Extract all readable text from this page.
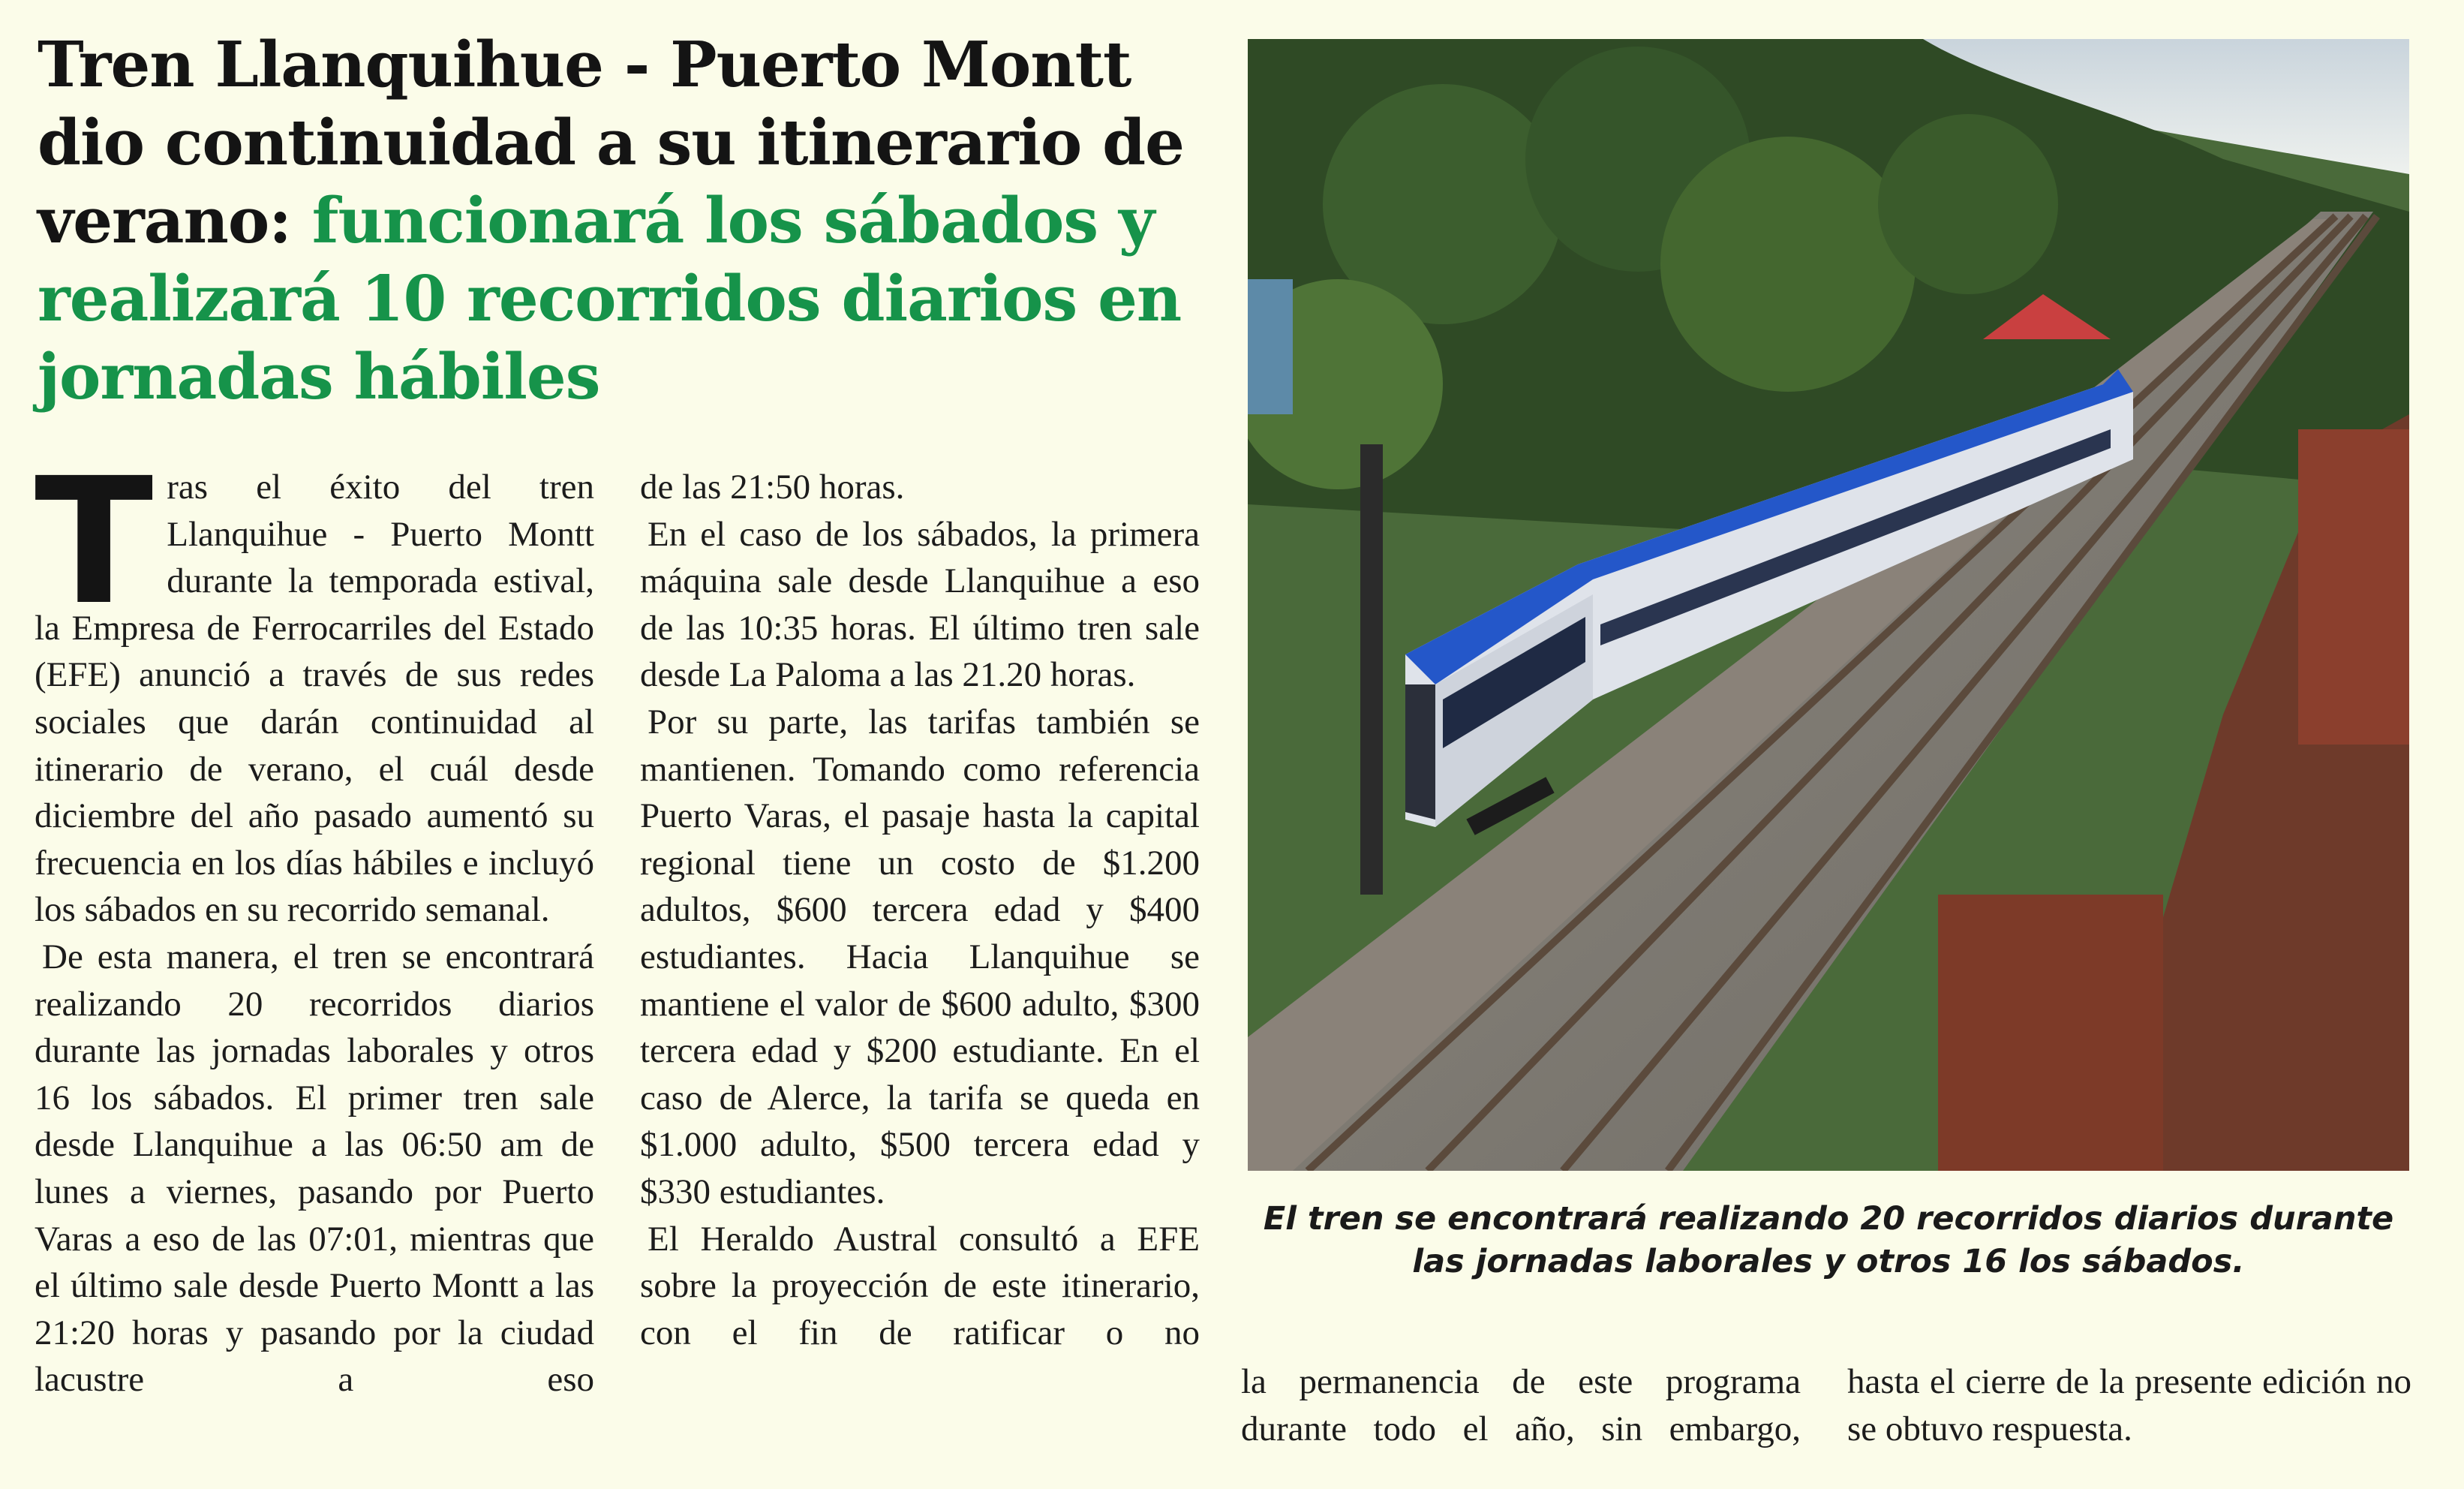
Tren Llanquihue - Puerto Montt dio continuidad a su itinerario de verano: funcionará los sábados y realizará 10 recorridos diarios en jornadas hábiles

Tras el éxito del tren Llanquihue - Puerto Montt durante la temporada estival, la Empresa de Ferrocarriles del Estado (EFE) anunció a través de sus redes sociales que darán continuidad al itinerario de verano, el cuál desde diciembre del año pasado aumentó su frecuencia en los días hábiles e incluyó los sábados en su recorrido semanal.

De esta manera, el tren se encontrará realizando 20 recorridos diarios durante las jornadas laborales y otros 16 los sábados. El primer tren sale desde Llanquihue a las 06:50 am de lunes a viernes, pasando por Puerto Varas a eso de las 07:01, mientras que el último sale desde Puerto Montt a las 21:20 horas y pasando por la ciudad lacustre a eso

de las 21:50 horas.

En el caso de los sábados, la primera máquina sale desde Llanquihue a eso de las 10:35 horas. El último tren sale desde La Paloma a las 21.20 horas.

Por su parte, las tarifas también se mantienen. Tomando como referencia Puerto Varas, el pasaje hasta la capital regional tiene un costo de $1.200 adultos, $600 tercera edad y $400 estudiantes. Hacia Llanquihue se mantiene el valor de $600 adulto, $300 tercera edad y $200 estudiante. En el caso de Alerce, la tarifa se queda en $1.000 adulto, $500 tercera edad y $330 estudiantes.

El Heraldo Austral consultó a EFE sobre la proyección de este itinerario, con el fin de ratificar o no

El tren se encontrará realizando 20 recorridos diarios durante las jornadas laborales y otros 16 los sábados.

la permanencia de este programa durante todo el año, sin embargo,

hasta el cierre de la presente edición no se obtuvo respuesta.
